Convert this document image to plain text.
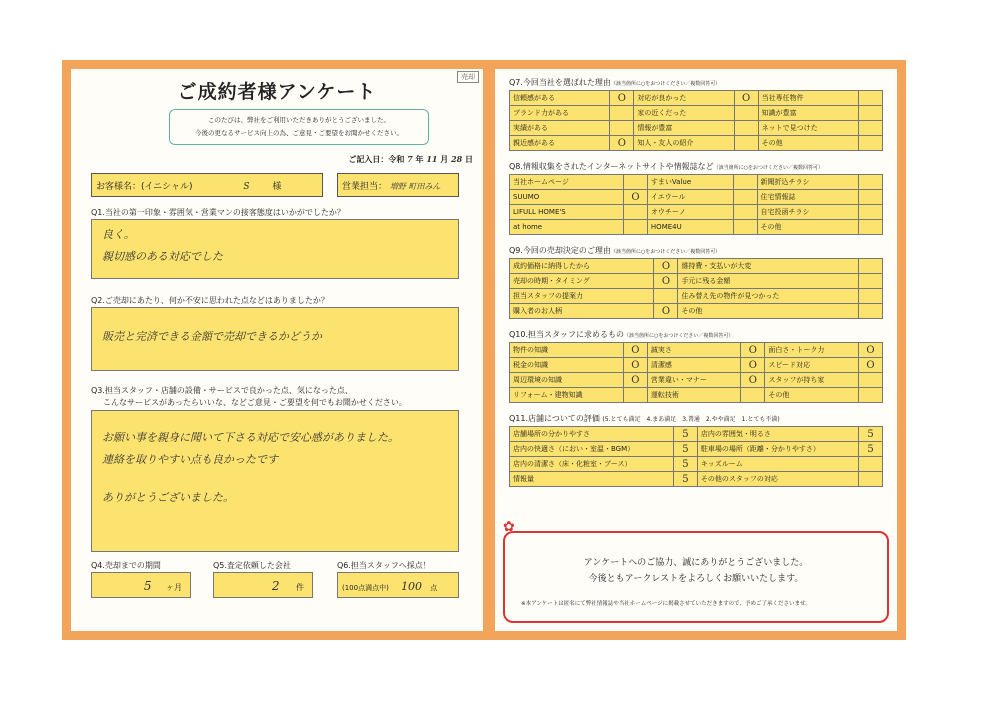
ご成約者様アンケート
売却
このたびは、弊社をご利用いただきありがとうございました。
今後の更なるサービス向上の為、ご意見・ご要望をお聞かせください。
ご記入日：令和 7 年 11 月 28 日
お客様名：(イニシャル)	S	様	営業担当： 増野 町田みん
Q1.当社の第一印象・雰囲気・営業マンの接客態度はいかがでしたか？
良く。
親切感のある対応でした
Q2.ご売却にあたり、何か不安に思われた点などはありましたか？
販売と完済できる金額で売却できるかどうか
Q3.担当スタッフ・店舗の設備・サービスで良かった点、気になった点、
こんなサービスがあったらいいな、などご意見・ご要望を何でもお聞かせください。
お願い事を親身に聞いて下さる対応で安心感がありました。
連絡を取りやすい点も良かったです
ありがとうございました。
Q4.売却までの期間
5 ヶ月
Q5.査定依頼した会社
2 件
Q6.担当スタッフへ採点！
(100点満点中) 100 点
Q7.今回当社を選ばれた理由（該当箇所に○をおつけください／複数回答可）
信頼感がある	O	対応が良かった	O	当社専任物件	
ブランド力がある		家の近くだった		知識が豊富	
実績がある		情報が豊富		ネットで見つけた	
親近感がある	O	知人・友人の紹介		その他	
Q8.情報収集をされたインターネットサイトや情報誌など（該当箇所に○をおつけください／複数回答可）
当社ホームページ		すまいValue		新聞折込チラシ	
SUUMO	O	イエウール		住宅情報誌	
LIFULL HOME'S		オウチーノ		自宅投函チラシ	
at home		HOME4U		その他	
Q9.今回の売却決定のご理由（該当箇所に○をおつけください／複数回答可）
成約価格に納得したから	O	維持費・支払いが大変	
売却の時期・タイミング	O	手元に残る金額	
担当スタッフの提案力		住み替え先の物件が見つかった	
購入者のお人柄	O	その他	
Q10.担当スタッフに求めるもの（該当箇所に○をおつけください／複数回答可）
物件の知識	O	誠実さ	O	面白さ・トーク力	O
税金の知識	O	清潔感	O	スピード対応	O
周辺環境の知識	O	営業違い・マナー	O	スタッフが持ち家	
リフォーム・建物知識		運転技術		その他	
Q11.店舗についての評価 (5.とても満足　4.まあ満足　3.普通　2.やや満足　1.とても不満)
店舗場所の分かりやすさ	5	店内の雰囲気・明るさ	5
店内の快適さ（におい・室温・BGM）	5	駐車場の場所（距離・分かりやすさ）	5
店内の清潔さ（床・化粧室・ブース）	5	キッズルーム	
情報量	5	その他のスタッフの対応	
✿
アンケートへのご協力、誠にありがとうございました。
今後ともアークレストをよろしくお願いいたします。
※本アンケートは匿名にて弊社情報誌や当社ホームページに掲載させていただきますので、予めご了承くださいませ。
